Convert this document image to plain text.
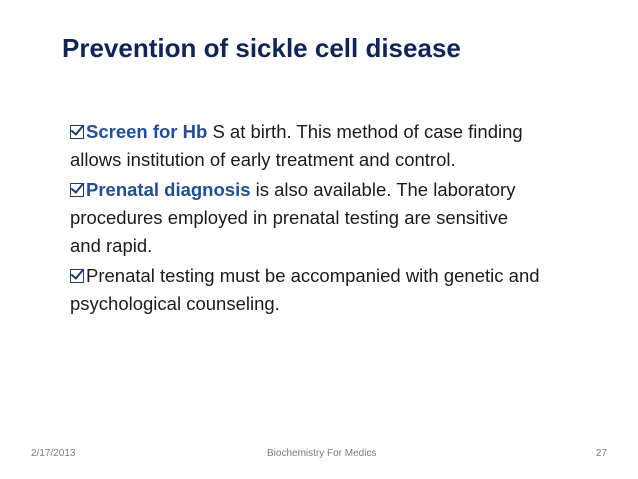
Prevention of sickle cell disease
Screen for Hb S at birth. This method of case finding allows institution of early treatment and control.
Prenatal diagnosis is also available. The laboratory procedures employed in prenatal testing are sensitive and rapid.
Prenatal testing must be accompanied with genetic and psychological counseling.
2/17/2013	Biochemistry For Medics	27
